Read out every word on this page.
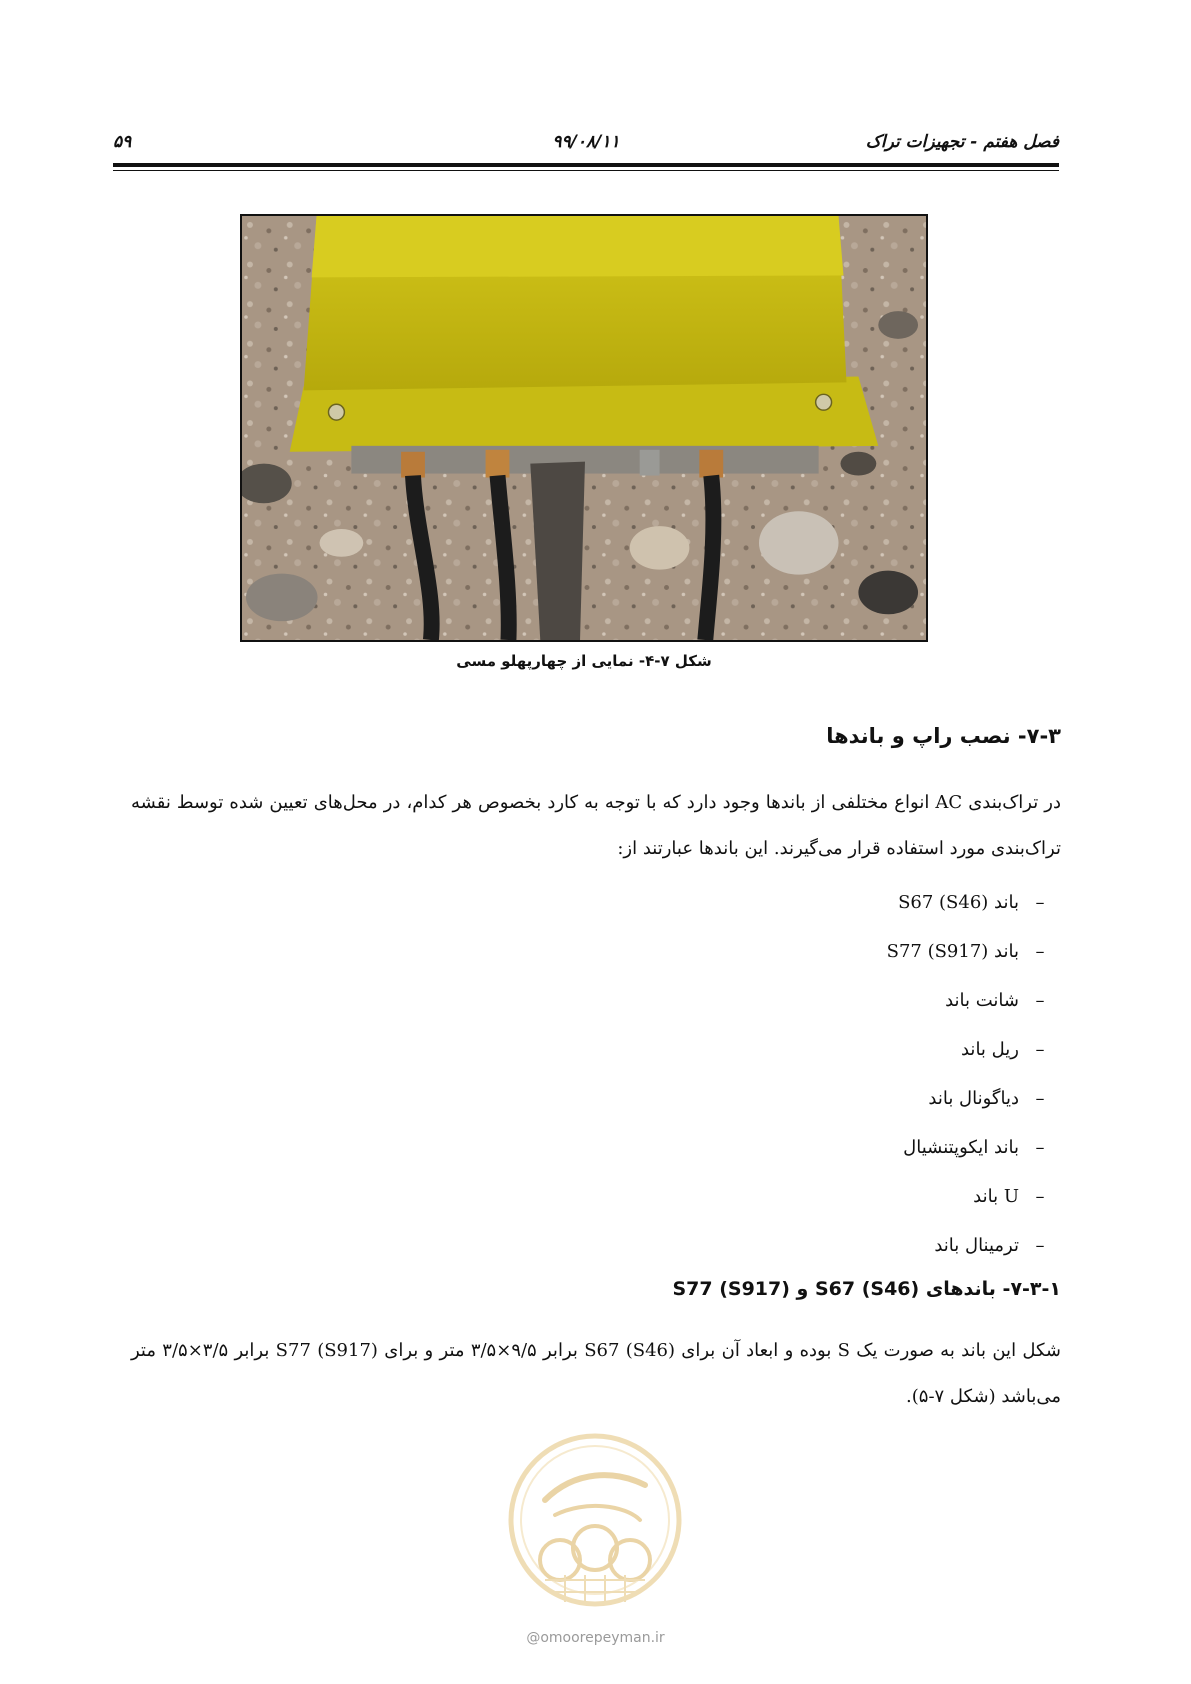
فصل هفتم - تجهیزات تراک
۹۹/۰۸/۱۱
۵۹
شکل ۷-۴- نمایی از چهارپهلو مسی
۷-۳- نصب راپ و باندها
در تراک‌بندی AC انواع مختلفی از باندها وجود دارد که با توجه به کارد بخصوص هر کدام، در محل‌های تعیین شده توسط نقشه تراک‌بندی مورد استفاده قرار می‌گیرند. این باندها عبارتند از:
–باند S67 (S46)
–باند S77 (S917)
–شانت باند
–ریل باند
–دیاگونال باند
–باند ایکوپتنشیال
–U باند
–ترمینال باند
۷-۳-۱- باندهای S67 (S46) و S77 (S917)
شکل این باند به صورت یک S بوده و ابعاد آن برای S67 (S46) برابر ۹/۵×۳/۵ متر و برای S77 (S917) برابر ۳/۵×۳/۵ متر می‌باشد (شکل ۷-۵).
@omoorepeyman.ir
